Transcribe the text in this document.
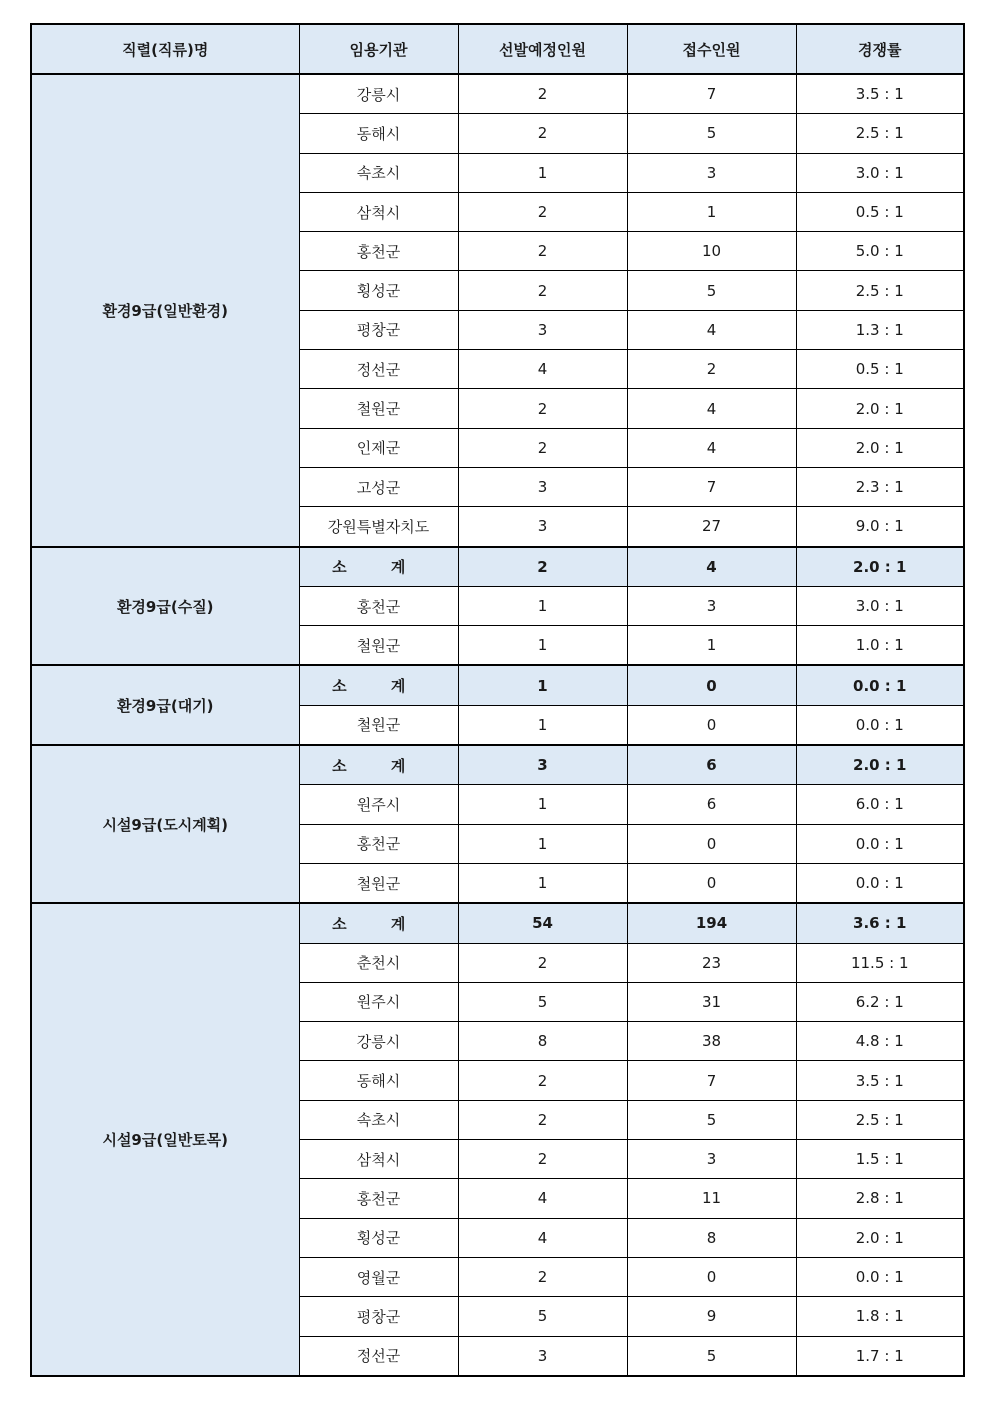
직렬(직류)명	임용기관	선발예정인원	접수인원	경쟁률
환경9급(일반환경)	강릉시	2	7	3.5 : 1
	동해시	2	5	2.5 : 1
	속초시	1	3	3.0 : 1
	삼척시	2	1	0.5 : 1
	홍천군	2	10	5.0 : 1
	횡성군	2	5	2.5 : 1
	평창군	3	4	1.3 : 1
	정선군	4	2	0.5 : 1
	철원군	2	4	2.0 : 1
	인제군	2	4	2.0 : 1
	고성군	3	7	2.3 : 1
	강원특별자치도	3	27	9.0 : 1
환경9급(수질)	소 계	2	4	2.0 : 1
	홍천군	1	3	3.0 : 1
	철원군	1	1	1.0 : 1
환경9급(대기)	소 계	1	0	0.0 : 1
	철원군	1	0	0.0 : 1
시설9급(도시계획)	소 계	3	6	2.0 : 1
	원주시	1	6	6.0 : 1
	홍천군	1	0	0.0 : 1
	철원군	1	0	0.0 : 1
시설9급(일반토목)	소 계	54	194	3.6 : 1
	춘천시	2	23	11.5 : 1
	원주시	5	31	6.2 : 1
	강릉시	8	38	4.8 : 1
	동해시	2	7	3.5 : 1
	속초시	2	5	2.5 : 1
	삼척시	2	3	1.5 : 1
	홍천군	4	11	2.8 : 1
	횡성군	4	8	2.0 : 1
	영월군	2	0	0.0 : 1
	평창군	5	9	1.8 : 1
	정선군	3	5	1.7 : 1
